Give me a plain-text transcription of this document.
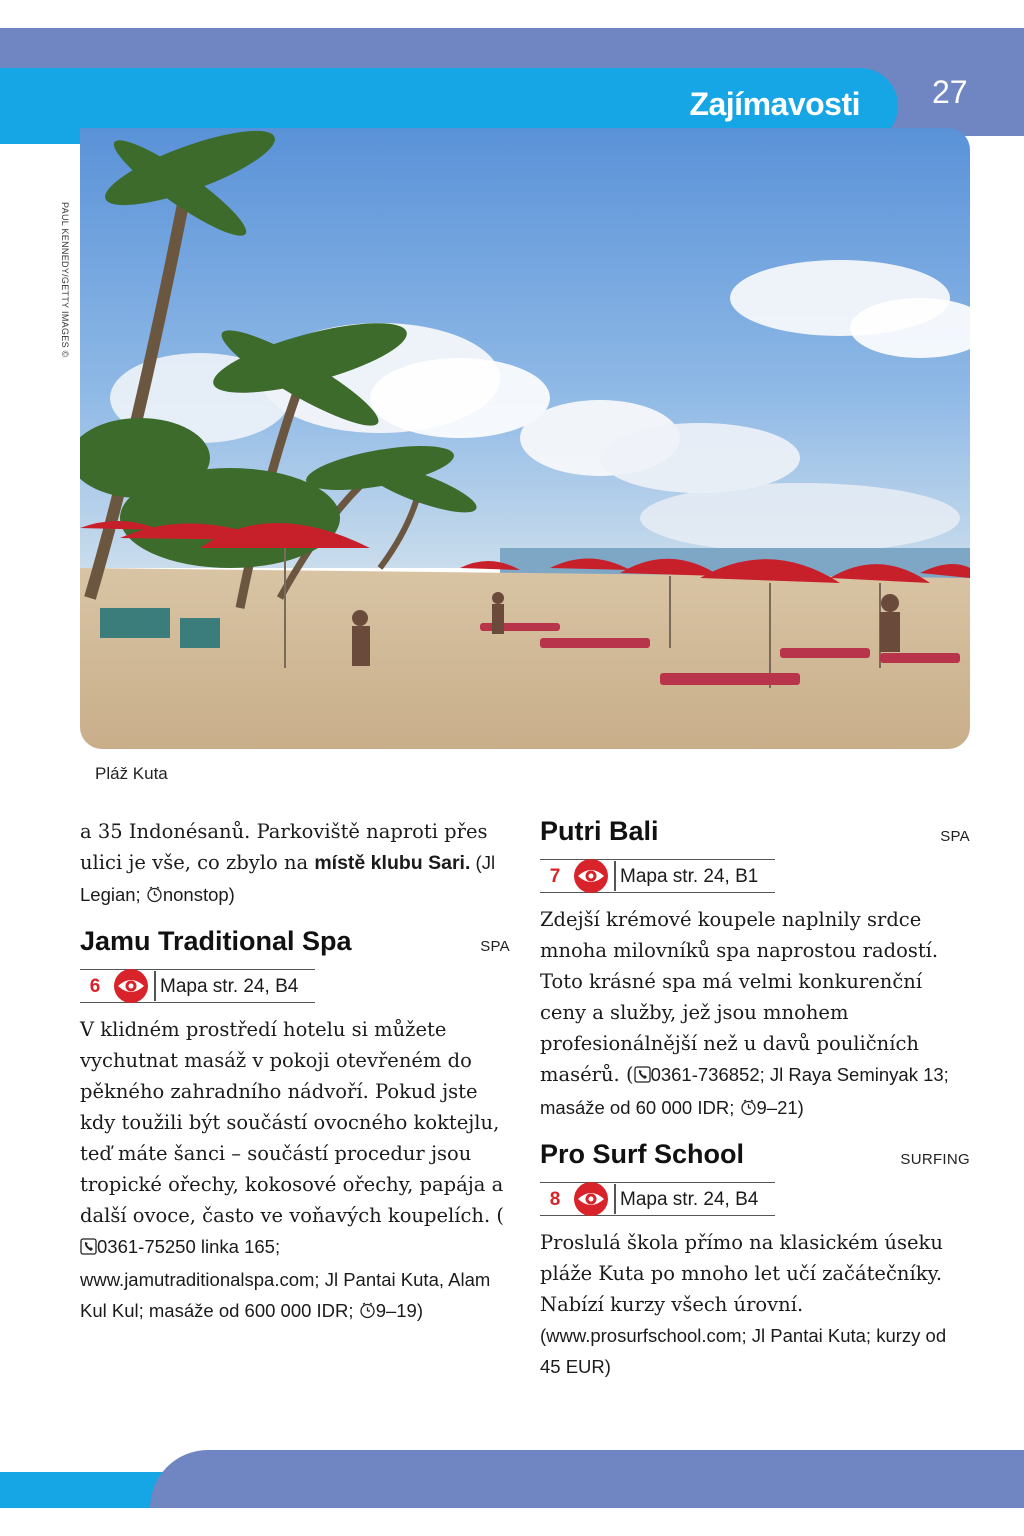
Zajímavosti 27
PAUL KENNEDY/GETTY IMAGES ©
Pláž Kuta

a 35 Indonésanů. Parkoviště naproti přes ulici je vše, co zbylo na místě klubu Sari. (Jl Legian; nonstop)

Jamu Traditional Spa	SPA
6	Mapa str. 24, B4

V klidném prostředí hotelu si můžete vychutnat masáž v pokoji otevřeném do pěkného zahradního nádvoří. Pokud jste kdy toužili být součástí ovocného koktejlu, teď máte šanci – součástí procedur jsou tropické ořechy, kokosové ořechy, papája a další ovoce, často ve voňavých koupelích. (0361-75250 linka 165; www.jamutraditionalspa.com; Jl Pantai Kuta, Alam Kul Kul; masáže od 600 000 IDR; 9–19)

Putri Bali	SPA
7	Mapa str. 24, B1

Zdejší krémové koupele naplnily srdce mnoha milovníků spa naprostou radostí. Toto krásné spa má velmi konkurenční ceny a služby, jež jsou mnohem profesionálnější než u davů pouličních masérů. ( 0361-736852; Jl Raya Seminyak 13; masáže od 60 000 IDR; 9–21)

Pro Surf School	SURFING
8	Mapa str. 24, B4

Proslulá škola přímo na klasickém úseku pláže Kuta po mnoho let učí začátečníky. Nabízí kurzy všech úrovní.

(www.prosurfschool.com; Jl Pantai Kuta; kurzy od 45 EUR)
